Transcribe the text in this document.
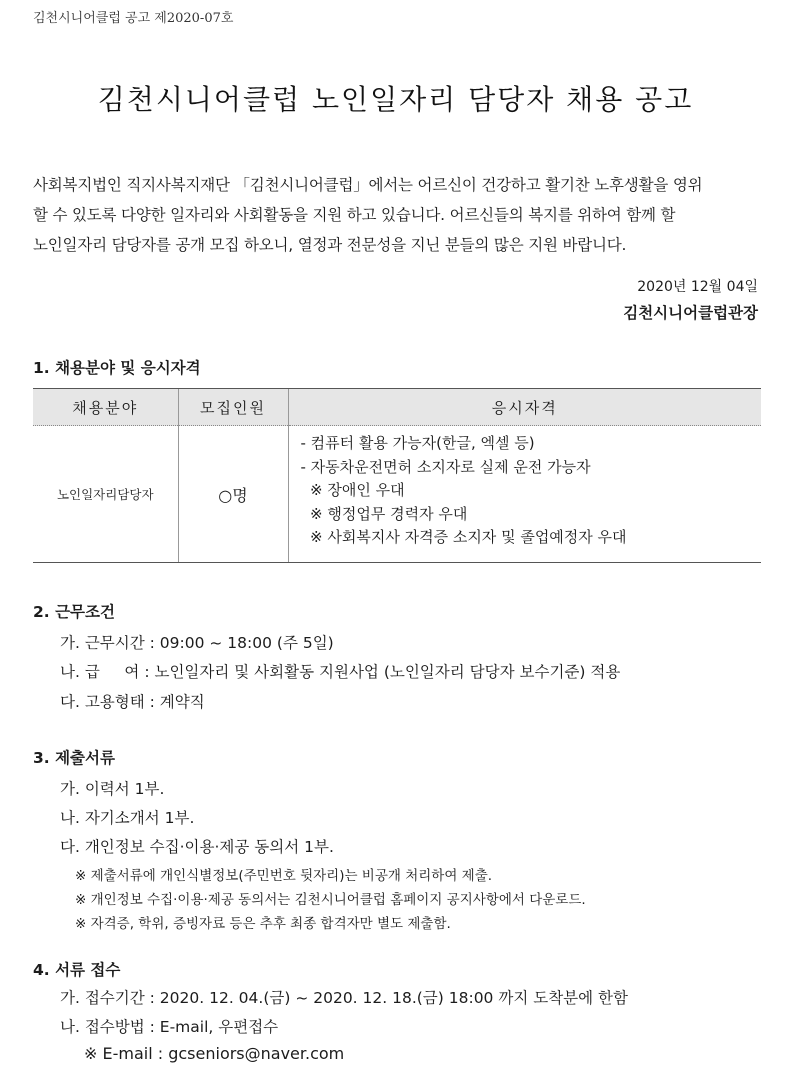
김천시니어클럽 공고 제2020-07호
김천시니어클럽 노인일자리 담당자 채용 공고

사회복지법인 직지사복지재단 「김천시니어클럽」에서는 어르신이 건강하고 활기찬 노후생활을 영위

할 수 있도록 다양한 일자리와 사회활동을 지원 하고 있습니다. 어르신들의 복지를 위하여 함께 할

노인일자리 담당자를 공개 모집 하오니, 열정과 전문성을 지닌 분들의 많은 지원 바랍니다.

2020년 12월 04일
김천시니어클럽관장
1. 채용분야 및 응시자격
채용분야	모집인원	응시자격
노인일자리담당자	○명	- 컴퓨터 활용 가능자(한글, 엑셀 등)
- 자동차운전면허 소지자로 실제 운전 가능자
※ 장애인 우대
※ 행정업무 경력자 우대
※ 사회복지사 자격증 소지자 및 졸업예정자 우대
2. 근무조건
가. 근무시간 : 09:00 ~ 18:00 (주 5일)
나. 급     여 : 노인일자리 및 사회활동 지원사업 (노인일자리 담당자 보수기준) 적용
다. 고용형태 : 계약직
3. 제출서류
가. 이력서 1부.
나. 자기소개서 1부.
다. 개인정보 수집·이용·제공 동의서 1부.
※ 제출서류에 개인식별정보(주민번호 뒷자리)는 비공개 처리하여 제출.
※ 개인정보 수집·이용·제공 동의서는 김천시니어클럽 홈페이지 공지사항에서 다운로드.
※ 자격증, 학위, 증빙자료 등은 추후 최종 합격자만 별도 제출함.
4. 서류 접수
가. 접수기간 : 2020. 12. 04.(금) ~ 2020. 12. 18.(금) 18:00 까지 도착분에 한함
나. 접수방법 : E-mail, 우편접수
※ E-mail : gcseniors@naver.com
